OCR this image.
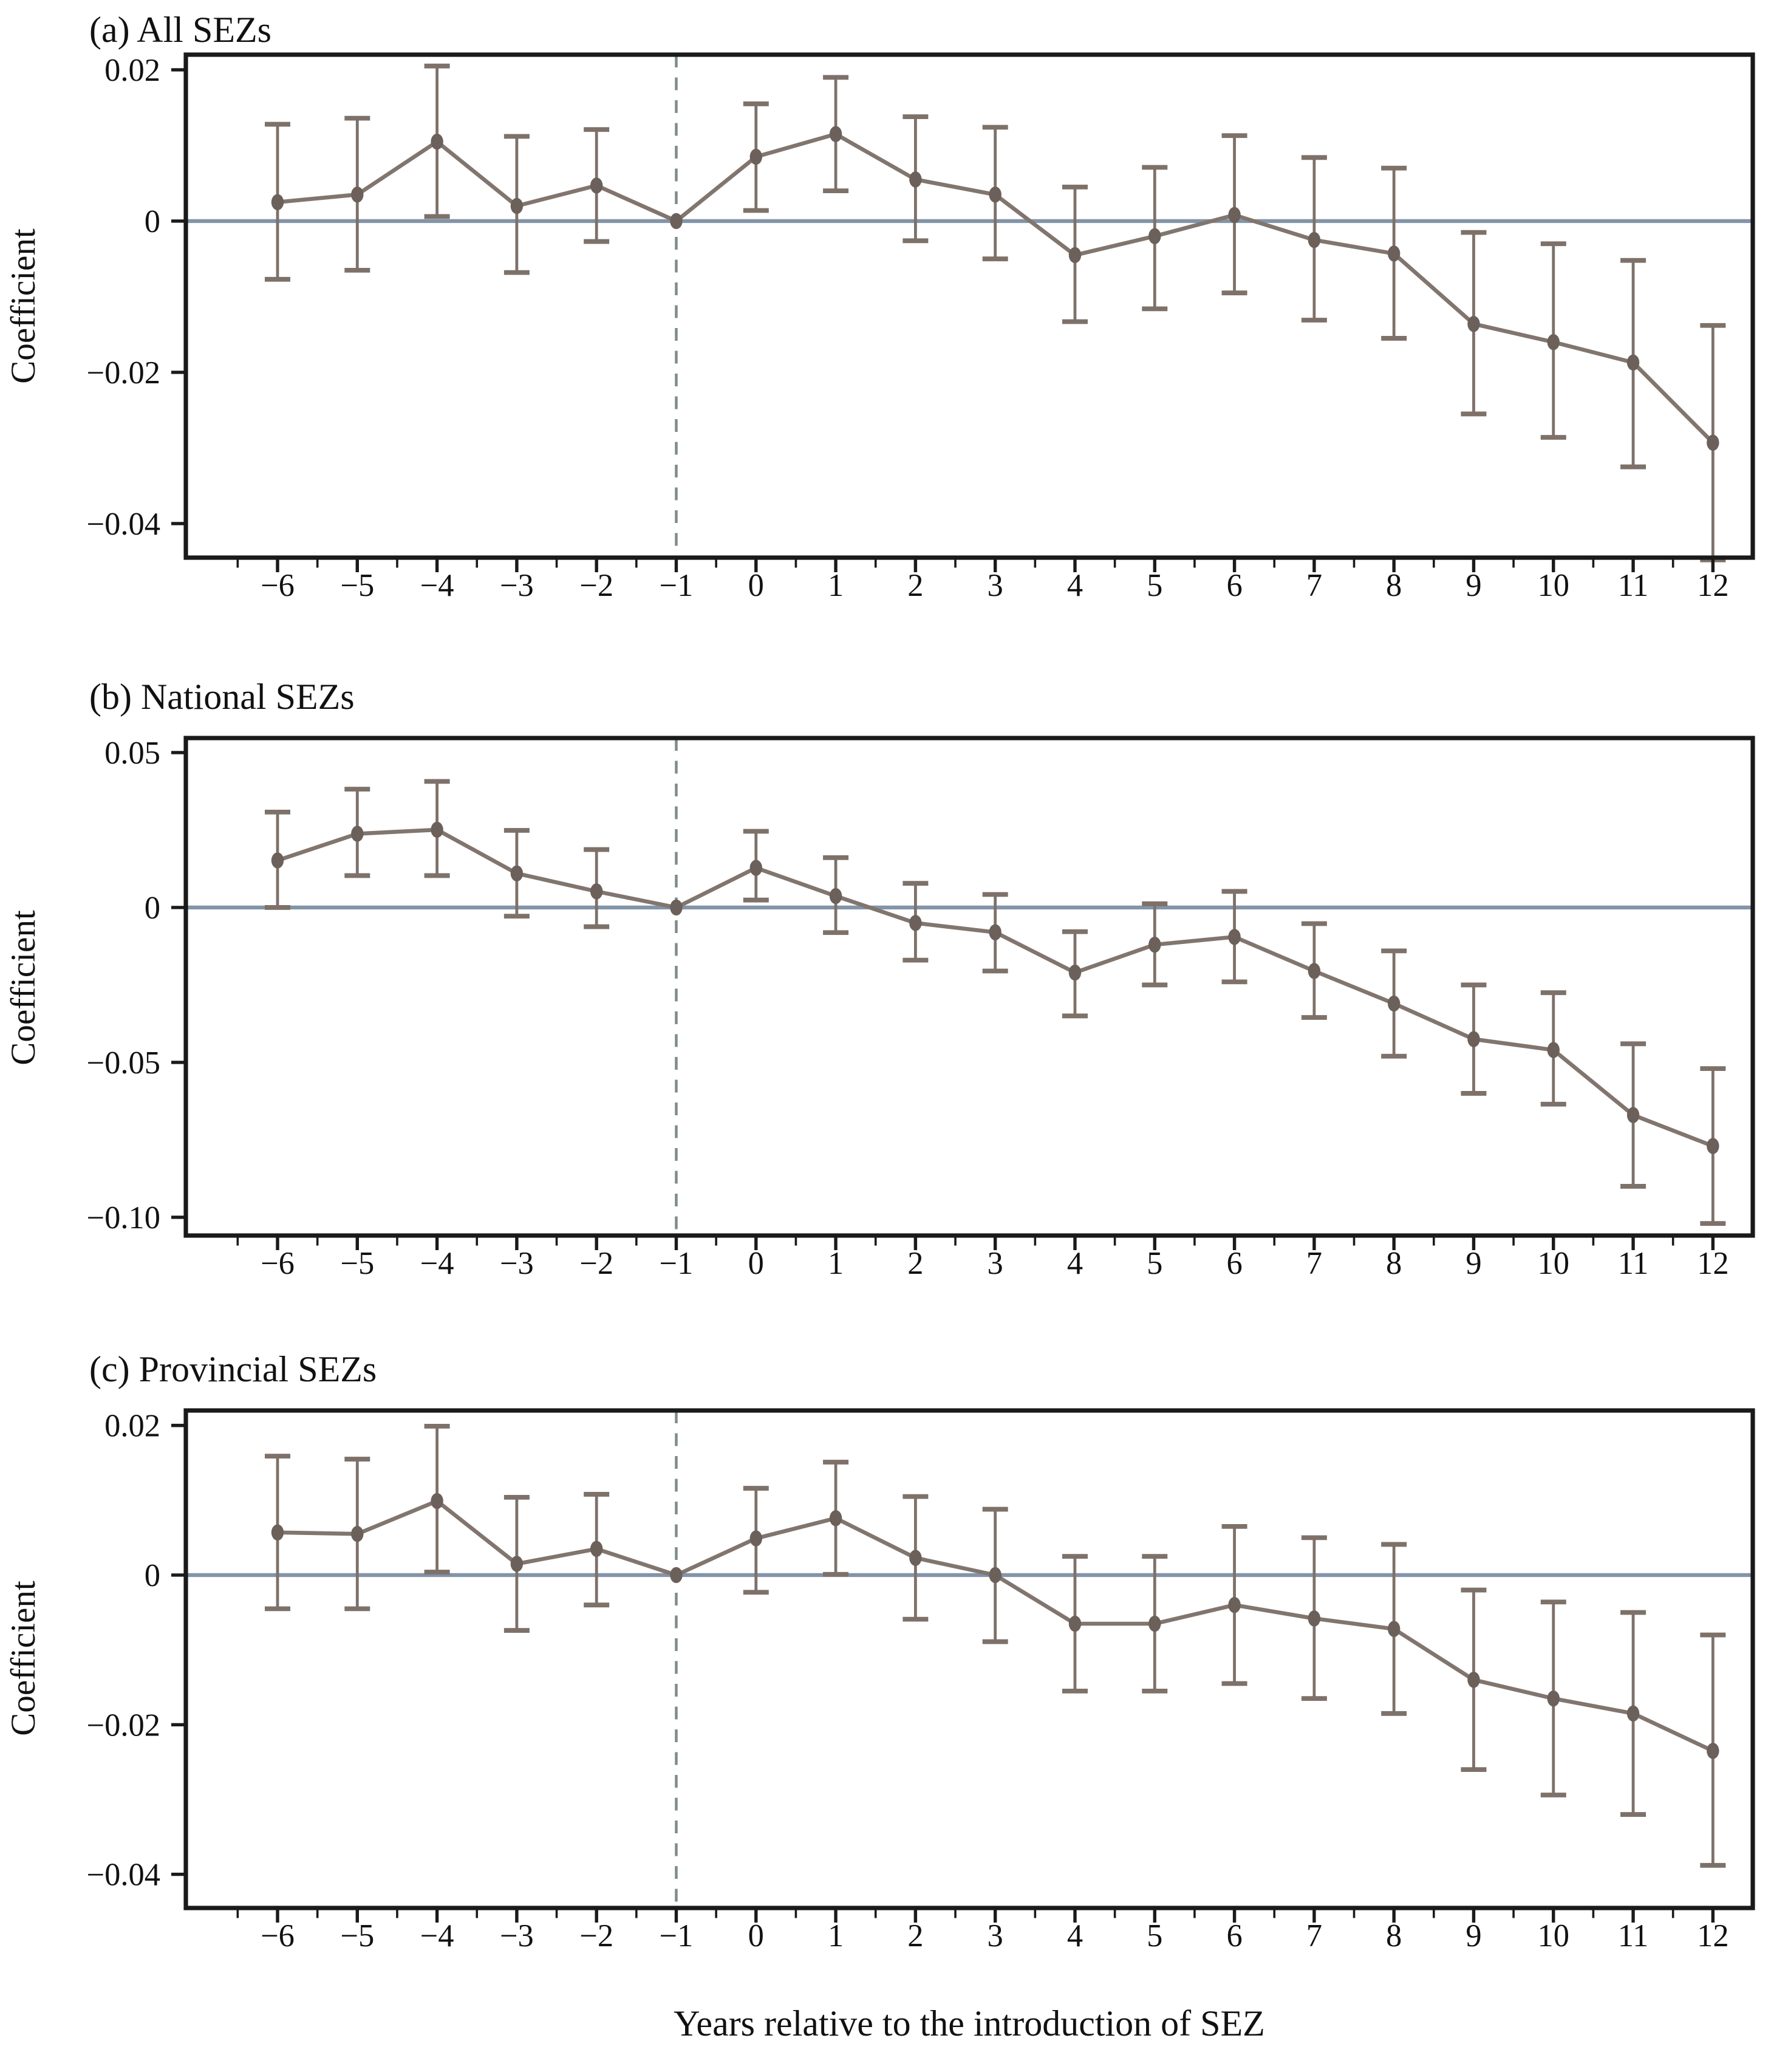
0.02
0
−0.02
−0.04
−6	−5	−4	−3	−2	−1	0	1	2	3	4	5	6	7	8	9	10	11	12
0.05
0
−0.05
−0.10
−6	−5	−4	−3	−2	−1	0	1	2	3	4	5	6	7	8	9	10	11	12
0.02
0
−0.02
−0.04
−6	−5	−4	−3	−2	−1	0	1	2	3	4	5	6	7	8	9	10	11	12
(a) All SEZs
(b) National SEZs
(c) Provincial SEZs
Coefficient
Coefficient
Coefficient
Years relative to the introduction of SEZ
